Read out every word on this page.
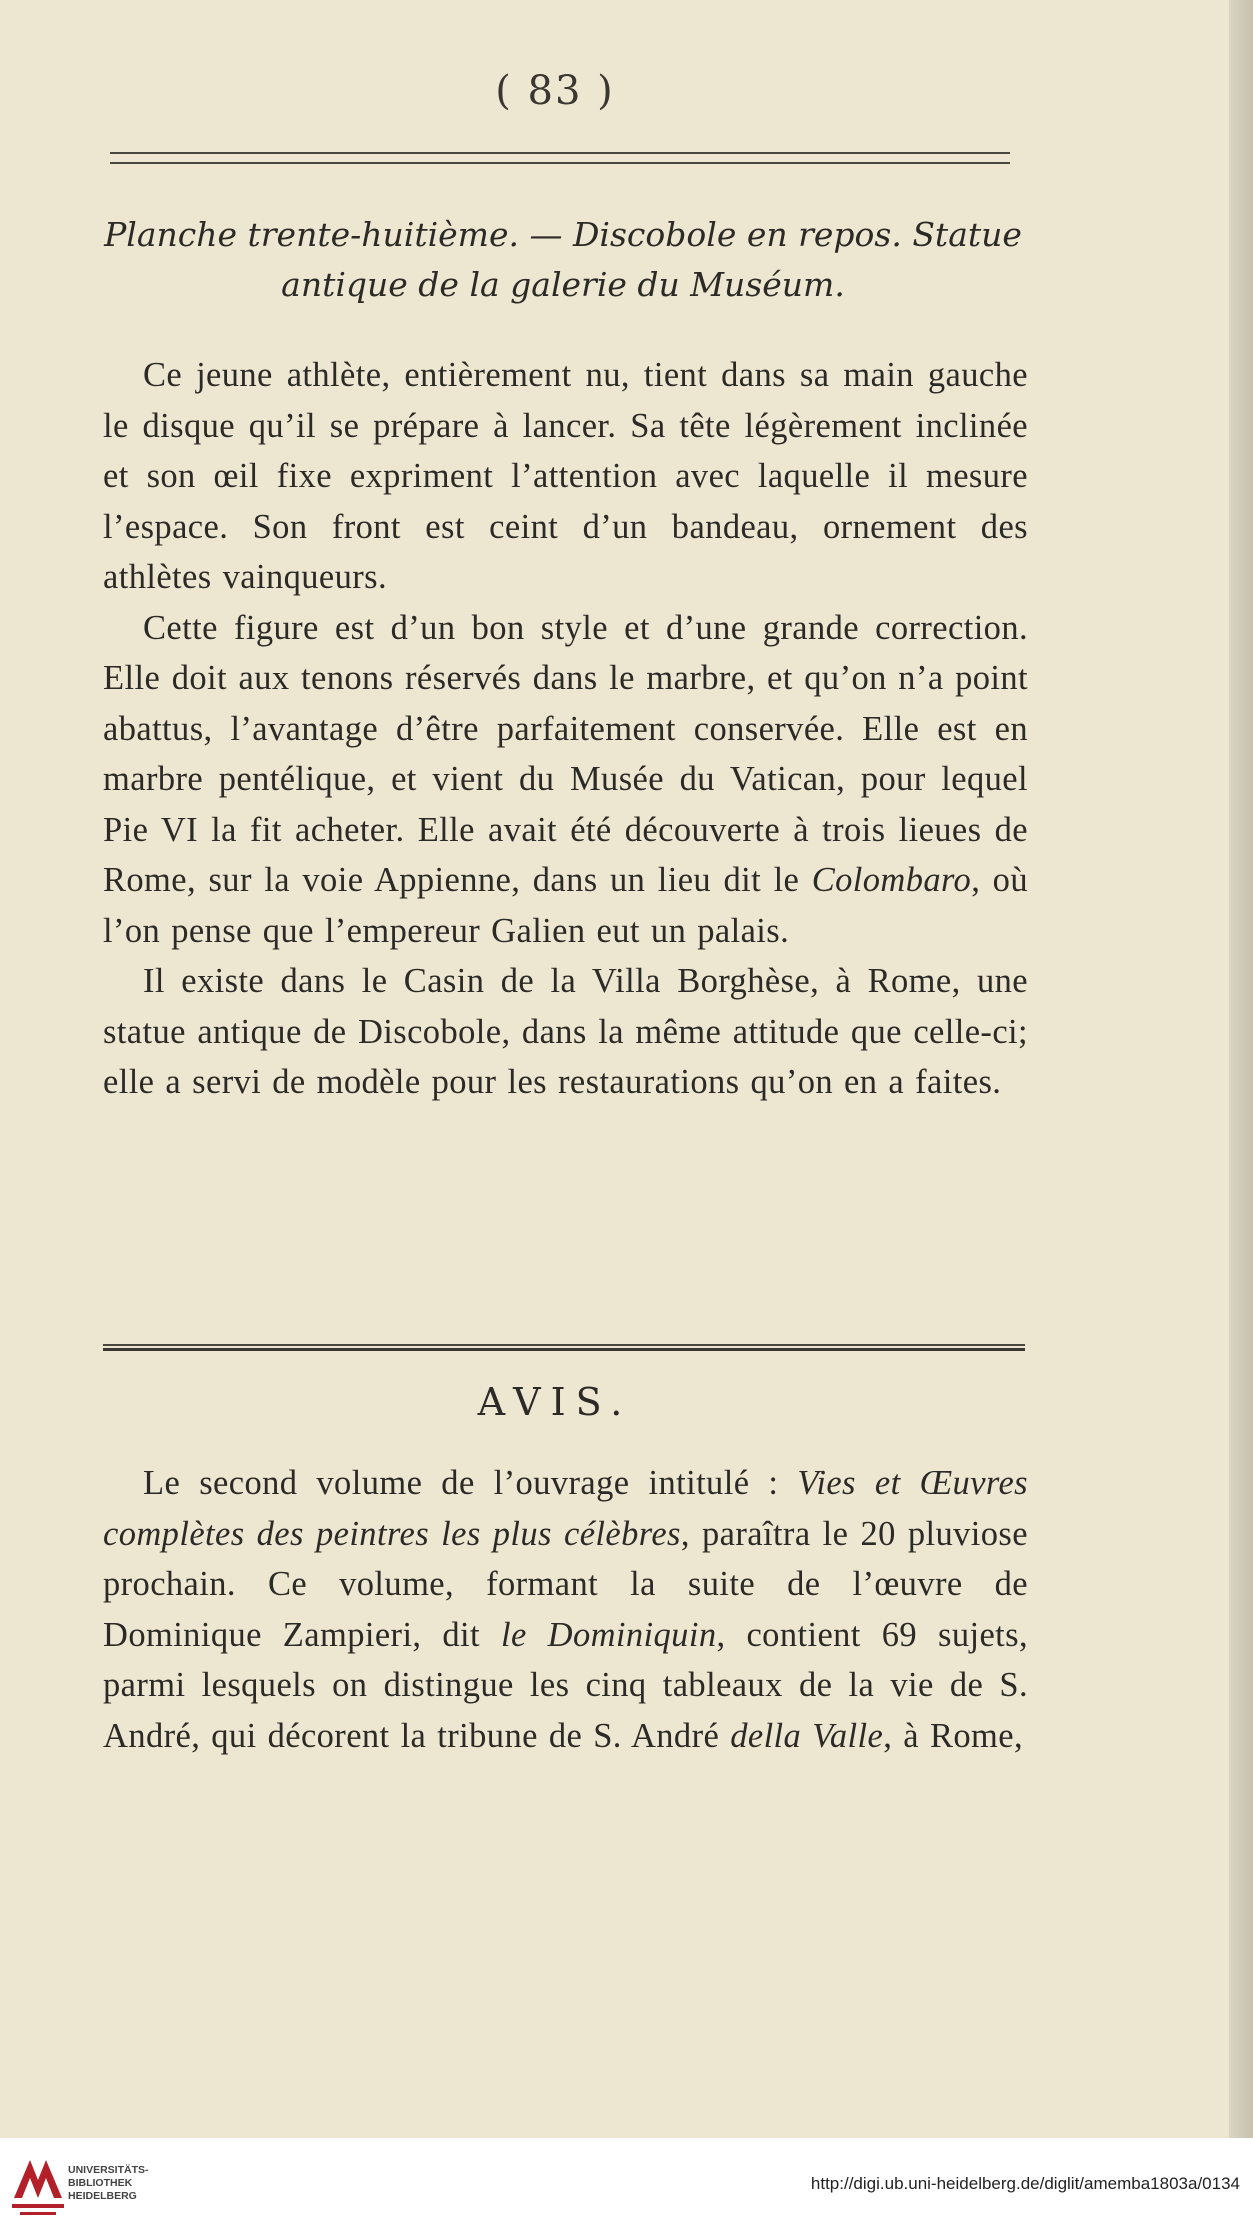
( 83 )
Planche trente-huitième. — Discobole en repos. Statue
antique de la galerie du Muséum.

Ce jeune athlète, entièrement nu, tient dans sa main gauche le disque qu’il se prépare à lancer. Sa tête légèrement inclinée et son œil fixe expriment l’attention avec laquelle il mesure l’espace. Son front est ceint d’un bandeau, ornement des athlètes vainqueurs.

Cette figure est d’un bon style et d’une grande correction. Elle doit aux tenons réservés dans le marbre, et qu’on n’a point abattus, l’avantage d’être parfaitement conservée. Elle est en marbre pentélique, et vient du Musée du Vatican, pour lequel Pie VI la fit acheter. Elle avait été découverte à trois lieues de Rome, sur la voie Appienne, dans un lieu dit le Colombaro, où l’on pense que l’empereur Galien eut un palais.

Il existe dans le Casin de la Villa Borghèse, à Rome, une statue antique de Discobole, dans la même attitude que celle-ci; elle a servi de modèle pour les restaurations qu’on en a faites.

AVIS.

Le second volume de l’ouvrage intitulé : Vies et Œuvres complètes des peintres les plus célèbres, paraîtra le 20 pluviose prochain. Ce volume, formant la suite de l’œuvre de Dominique Zampieri, dit le Dominiquin, contient 69 sujets, parmi lesquels on distingue les cinq tableaux de la vie de S. André, qui décorent la tribune de S. André della Valle, à Rome,

UNIVERSITÄTS-
BIBLIOTHEK
HEIDELBERG
http://digi.ub.uni-heidelberg.de/diglit/amemba1803a/0134
